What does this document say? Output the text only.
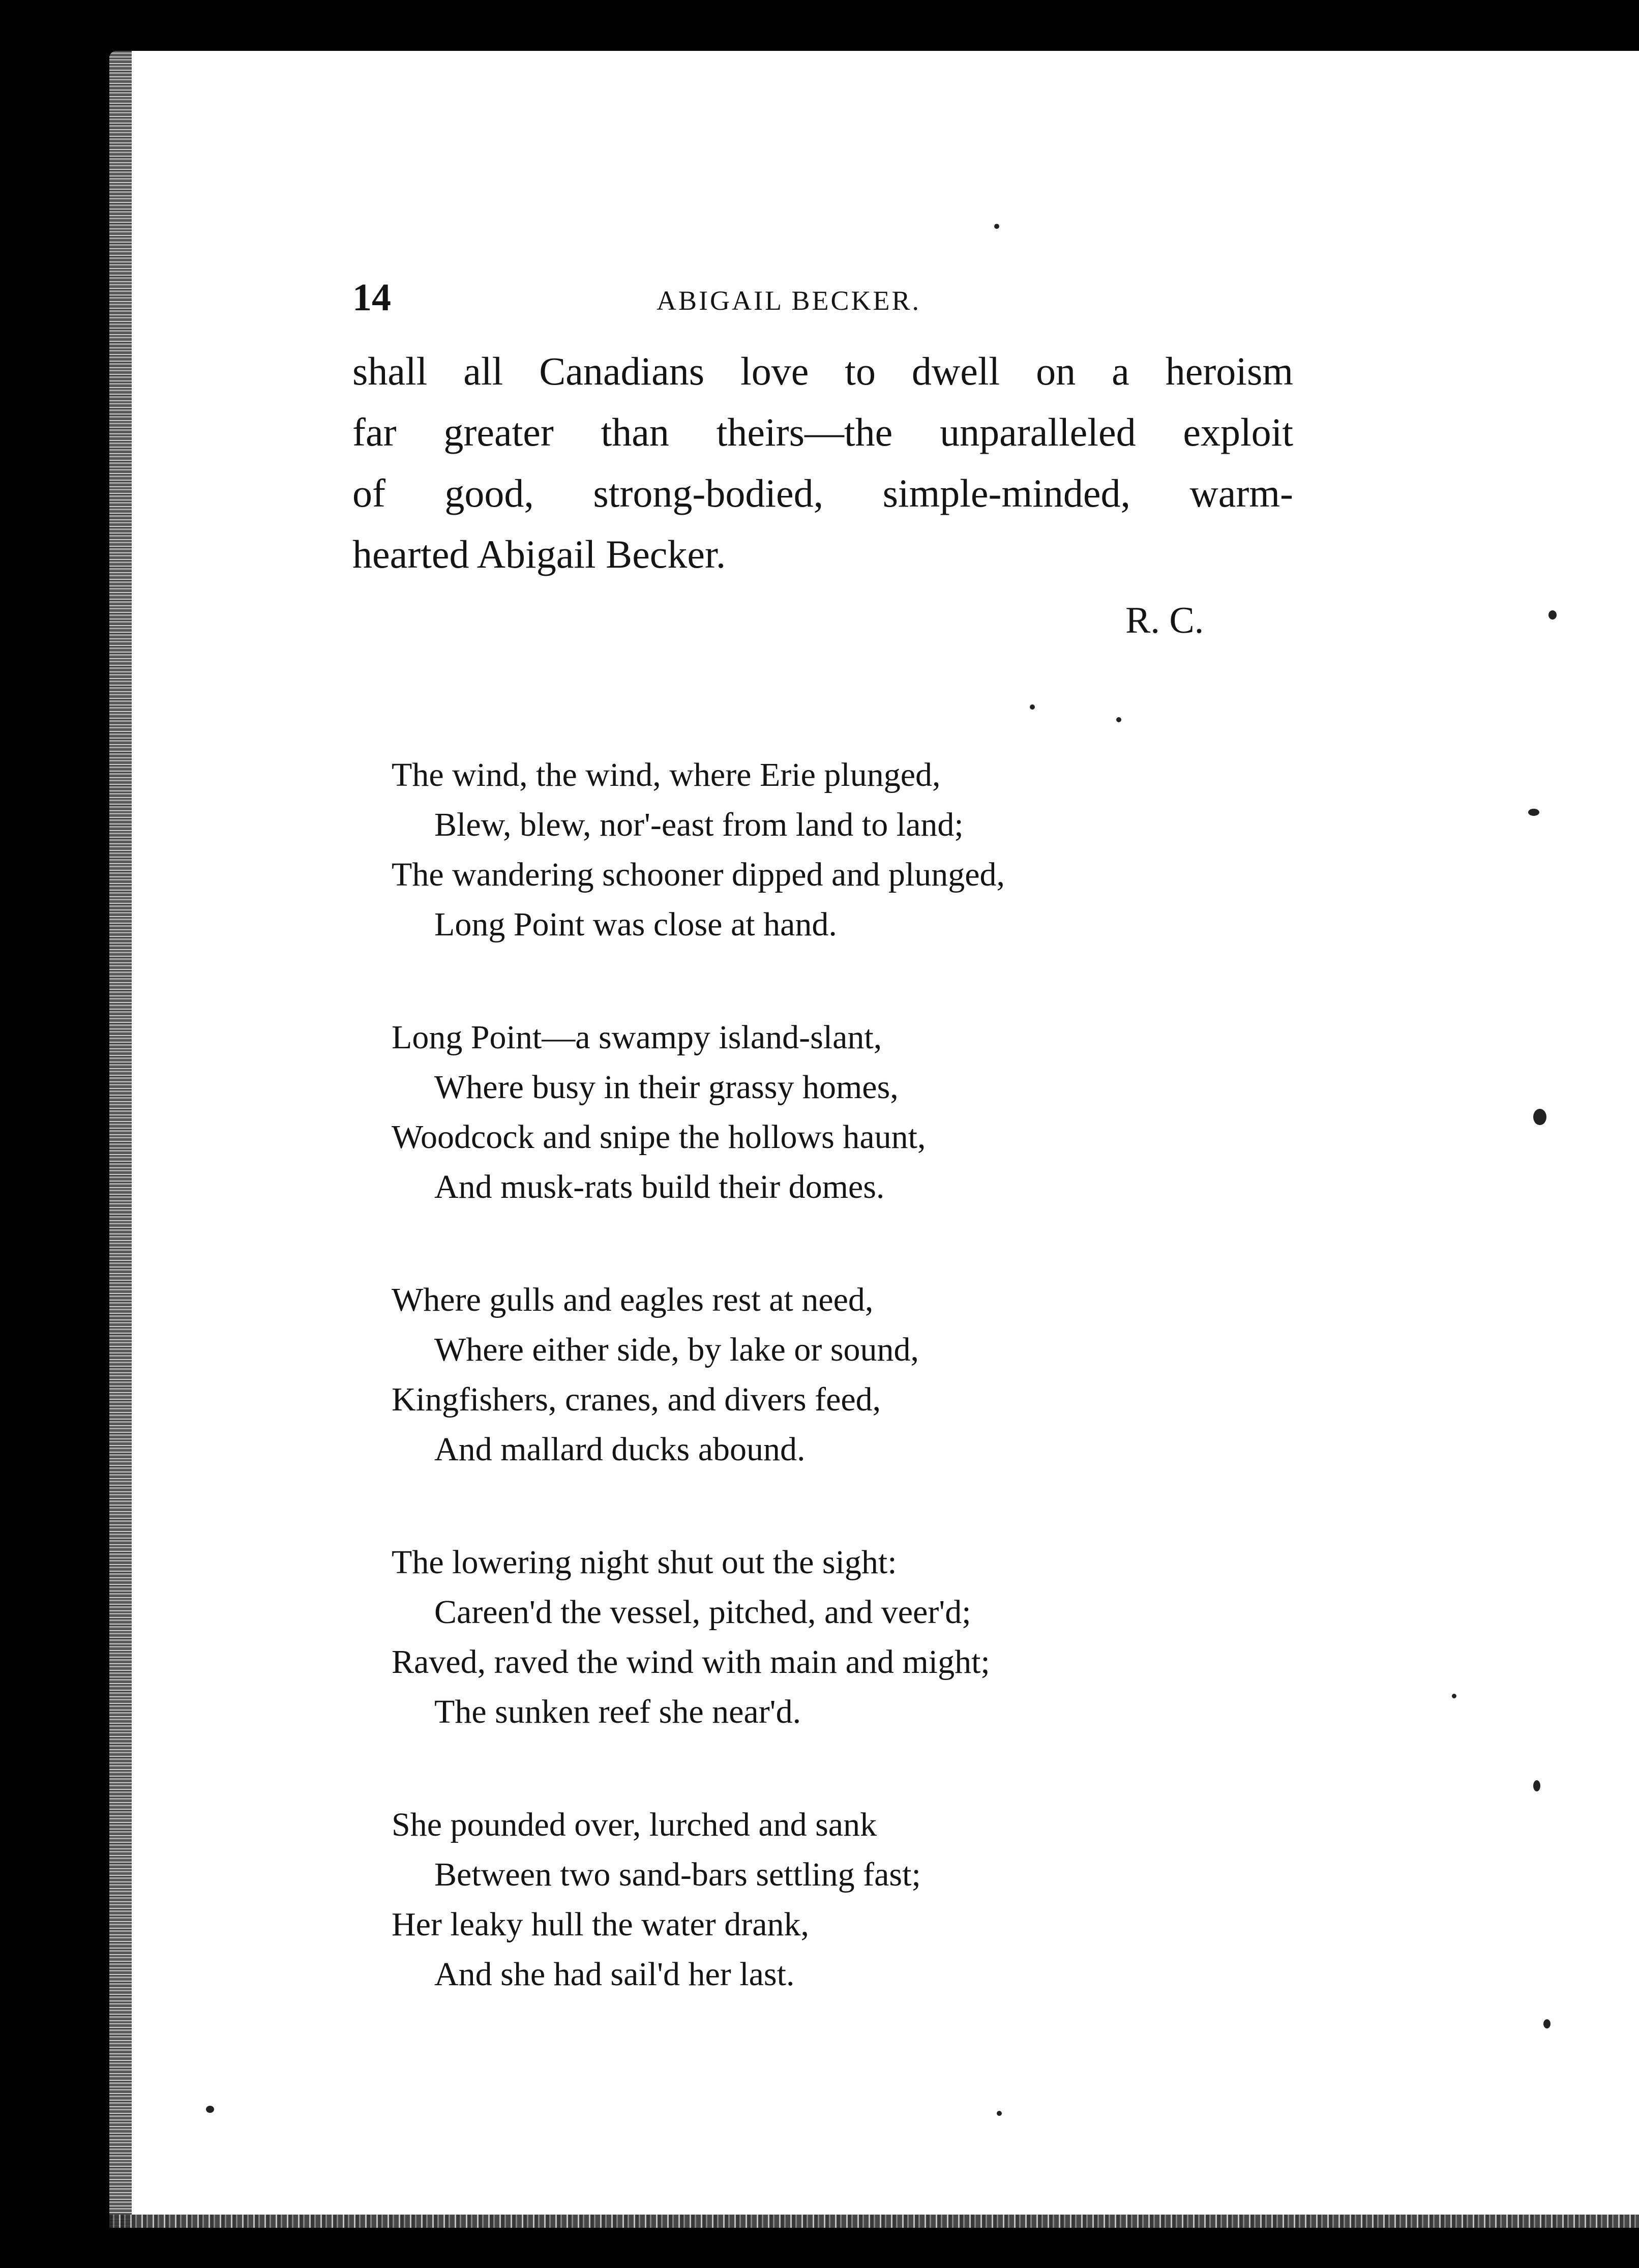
14	ABIGAIL BECKER.
shall all Canadians love to dwell on a heroism
far greater than theirs—the unparalleled exploit
of good, strong-bodied, simple-minded, warm-
hearted Abigail Becker.
R. C.
The wind, the wind, where Erie plunged,
Blew, blew, nor'-east from land to land;
The wandering schooner dipped and plunged,
Long Point was close at hand.
Long Point—a swampy island-slant,
Where busy in their grassy homes,
Woodcock and snipe the hollows haunt,
And musk-rats build their domes.
Where gulls and eagles rest at need,
Where either side, by lake or sound,
Kingfishers, cranes, and divers feed,
And mallard ducks abound.
The lowering night shut out the sight:
Careen'd the vessel, pitched, and veer'd;
Raved, raved the wind with main and might;
The sunken reef she near'd.
She pounded over, lurched and sank
Between two sand-bars settling fast;
Her leaky hull the water drank,
And she had sail'd her last.
